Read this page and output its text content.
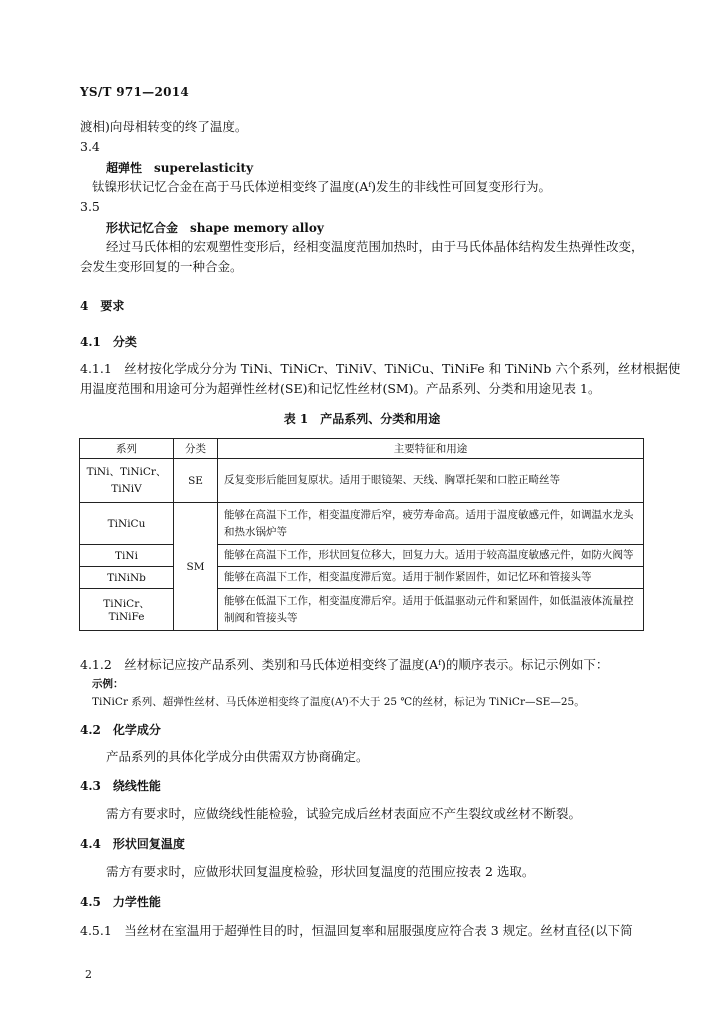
YS/T 971—2014
渡相)向母相转变的终了温度。
3.4
超弹性　superelasticity
钛镍形状记忆合金在高于马氏体逆相变终了温度(Aᶠ)发生的非线性可回复变形行为。
3.5
形状记忆合金　shape memory alloy
经过马氏体相的宏观塑性变形后，经相变温度范围加热时，由于马氏体晶体结构发生热弹性改变，
会发生变形回复的一种合金。
4　要求
4.1　分类
4.1.1　丝材按化学成分分为 TiNi、TiNiCr、TiNiV、TiNiCu、TiNiFe 和 TiNiNb 六个系列，丝材根据使
用温度范围和用途可分为超弹性丝材(SE)和记忆性丝材(SM)。产品系列、分类和用途见表 1。
表 1　产品系列、分类和用途
系列	分类	主要特征和用途
TiNi、TiNiCr、TiNiV	SE	反复变形后能回复原状。适用于眼镜架、天线、胸罩托架和口腔正畸丝等
TiNiCu	SM	能够在高温下工作，相变温度滞后窄，疲劳寿命高。适用于温度敏感元件，如调温水龙头和热水锅炉等
TiNi		能够在高温下工作，形状回复位移大，回复力大。适用于较高温度敏感元件，如防火阀等
TiNiNb		能够在高温下工作，相变温度滞后宽。适用于制作紧固件，如记忆环和管接头等
TiNiCr、TiNiFe		能够在低温下工作，相变温度滞后窄。适用于低温驱动元件和紧固件，如低温液体流量控制阀和管接头等
4.1.2　丝材标记应按产品系列、类别和马氏体逆相变终了温度(Aᶠ)的顺序表示。标记示例如下：
示例：
TiNiCr 系列、超弹性丝材、马氏体逆相变终了温度(Aᶠ)不大于 25 ℃的丝材，标记为 TiNiCr—SE—25。
4.2　化学成分
产品系列的具体化学成分由供需双方协商确定。
4.3　绕线性能
需方有要求时，应做绕线性能检验，试验完成后丝材表面应不产生裂纹或丝材不断裂。
4.4　形状回复温度
需方有要求时，应做形状回复温度检验，形状回复温度的范围应按表 2 选取。
4.5　力学性能
4.5.1　当丝材在室温用于超弹性目的时，恒温回复率和屈服强度应符合表 3 规定。丝材直径(以下简
2
